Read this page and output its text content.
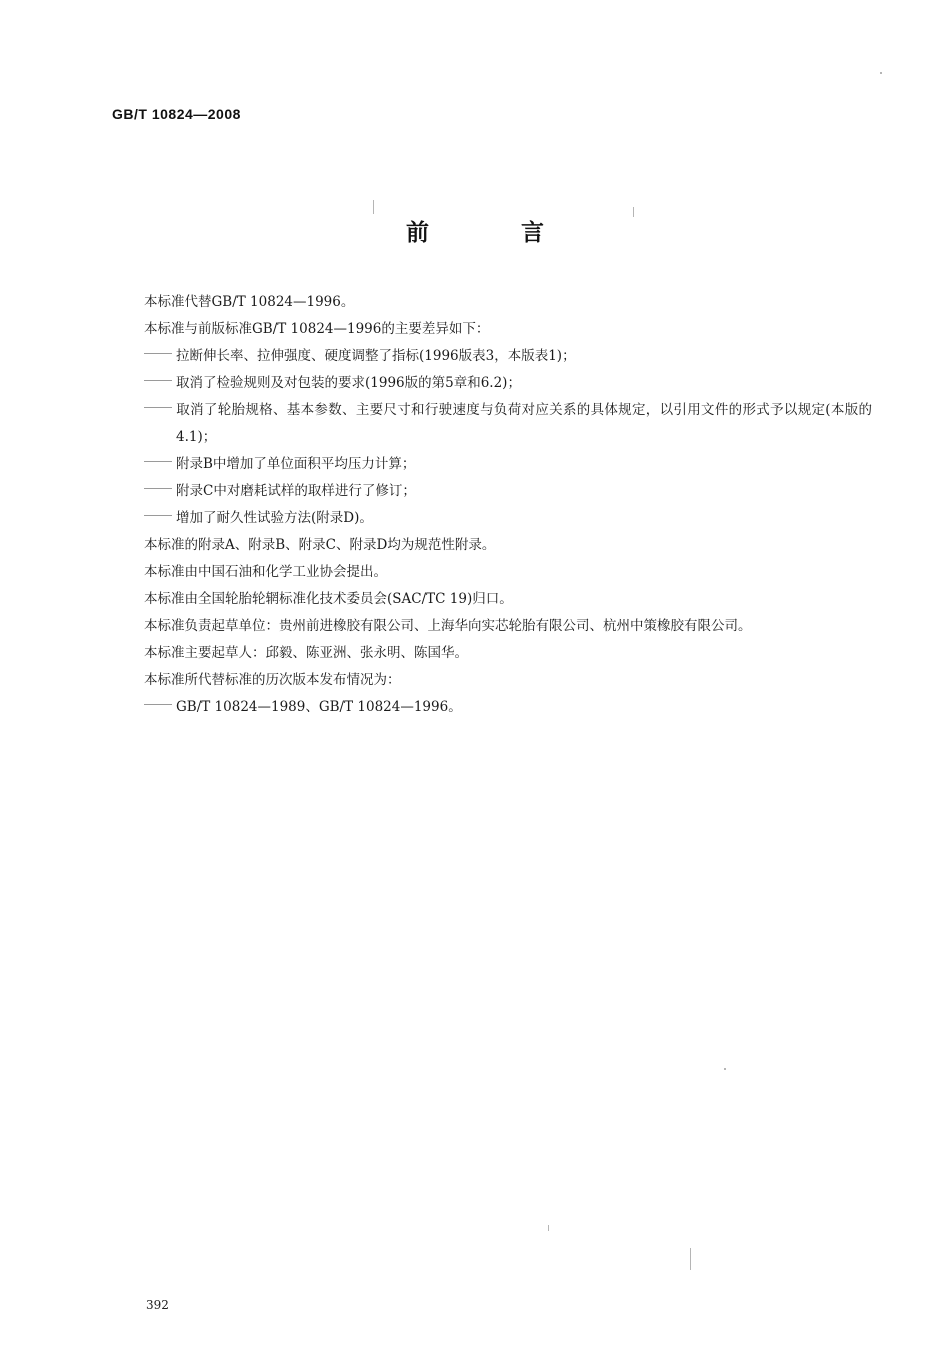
GB/T 10824—2008
前 言

本标准代替GB/T 10824—1996。

本标准与前版标准GB/T 10824—1996的主要差异如下：

拉断伸长率、拉伸强度、硬度调整了指标(1996版表3，本版表1)；

取消了检验规则及对包装的要求(1996版的第5章和6.2)；

取消了轮胎规格、基本参数、主要尺寸和行驶速度与负荷对应关系的具体规定，以引用文件的形式予以规定(本版的4.1)；

附录B中增加了单位面积平均压力计算；

附录C中对磨耗试样的取样进行了修订；

增加了耐久性试验方法(附录D)。

本标准的附录A、附录B、附录C、附录D均为规范性附录。

本标准由中国石油和化学工业协会提出。

本标准由全国轮胎轮辋标准化技术委员会(SAC/TC 19)归口。

本标准负责起草单位：贵州前进橡胶有限公司、上海华向实芯轮胎有限公司、杭州中策橡胶有限公司。

本标准主要起草人：邱毅、陈亚洲、张永明、陈国华。

本标准所代替标准的历次版本发布情况为：

GB/T 10824—1989、GB/T 10824—1996。

392
